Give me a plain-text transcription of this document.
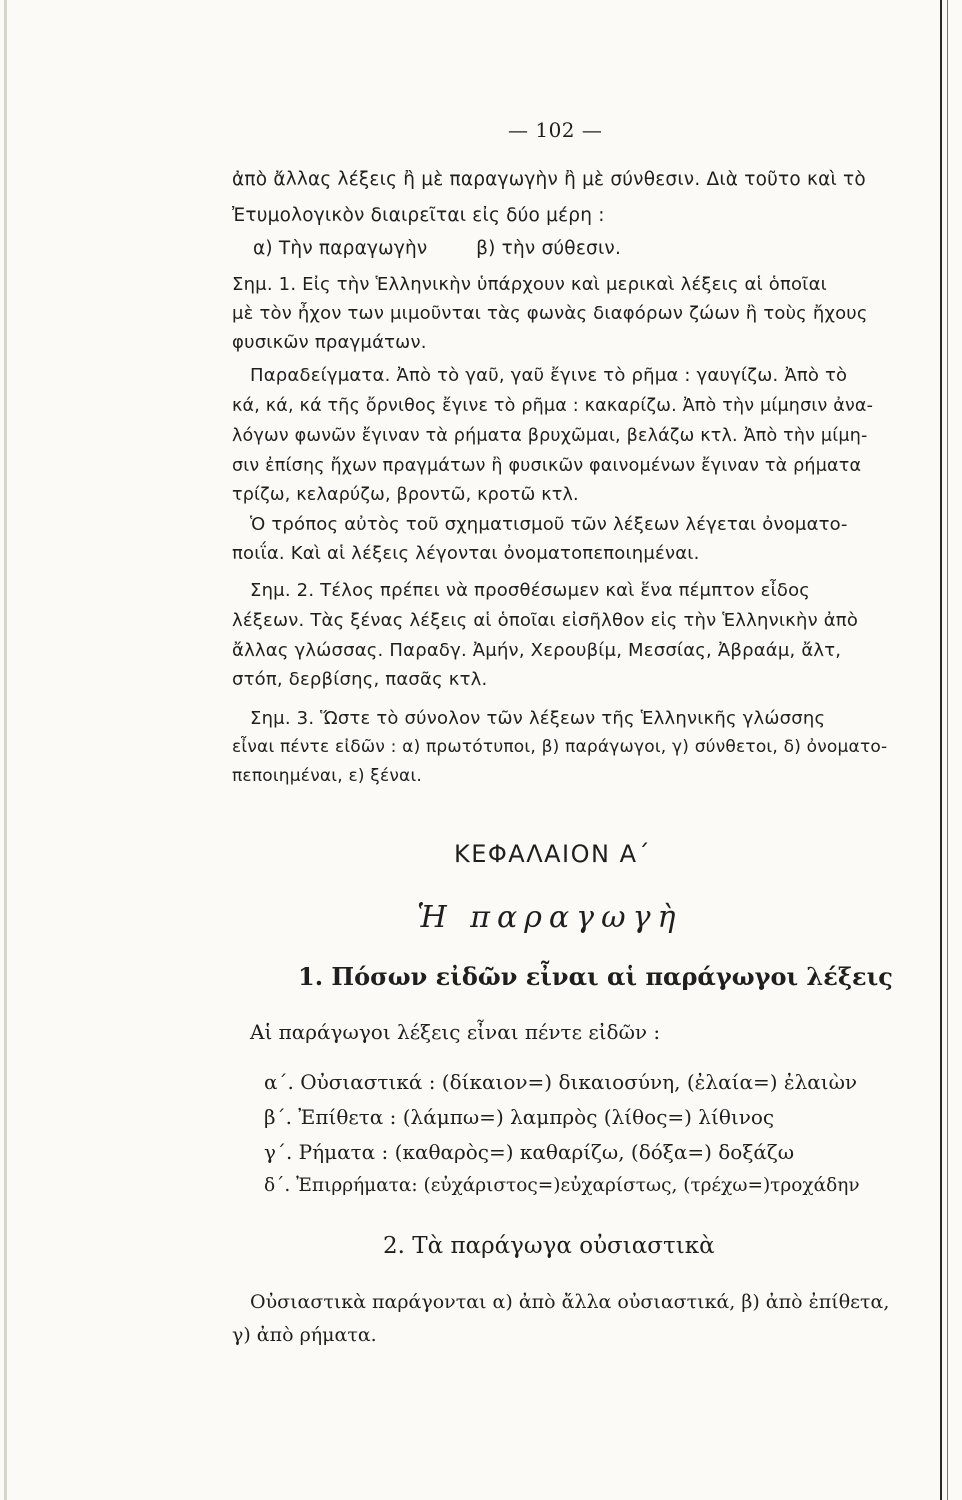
— 102 —
ἀπὸ ἄλλας λέξεις ἢ μὲ παραγωγὴν ἢ μὲ σύνθεσιν. Διὰ τοῦτο καὶ τὸ
Ἐτυμολογικὸν διαιρεῖται εἰς δύο μέρη :
α) Τὴν παραγωγὴν        β) τὴν σύθεσιν.
Σημ. 1. Εἰς τὴν Ἑλληνικὴν ὑπάρχουν καὶ μερικαὶ λέξεις αἱ ὁποῖαι
μὲ τὸν ἦχον των μιμοῦνται τὰς φωνὰς διαφόρων ζώων ἢ τοὺς ἤχους
φυσικῶν πραγμάτων.
Παραδείγματα. Ἀπὸ τὸ γαῦ, γαῦ ἔγινε τὸ ρῆμα : γαυγίζω. Ἀπὸ τὸ
κά, κά, κά τῆς ὄρνιθος ἔγινε τὸ ρῆμα : κακαρίζω. Ἀπὸ τὴν μίμησιν ἀνα-
λόγων φωνῶν ἔγιναν τὰ ρήματα βρυχῶμαι, βελάζω κτλ. Ἀπὸ τὴν μίμη-
σιν ἐπίσης ἤχων πραγμάτων ἢ φυσικῶν φαινομένων ἔγιναν τὰ ρήματα
τρίζω, κελαρύζω, βροντῶ, κροτῶ κτλ.
Ὁ τρόπος αὐτὸς τοῦ σχηματισμοῦ τῶν λέξεων λέγεται ὀνοματο-
ποιΐα. Καὶ αἱ λέξεις λέγονται ὀνοματοπεποιημέναι.
Σημ. 2. Τέλος πρέπει νὰ προσθέσωμεν καὶ ἕνα πέμπτον εἶδος
λέξεων. Τὰς ξένας λέξεις αἱ ὁποῖαι εἰσῆλθον εἰς τὴν Ἑλληνικὴν ἀπὸ
ἄλλας γλώσσας. Παραδγ. Ἀμήν, Χερουβίμ, Μεσσίας, Ἀβραάμ, ἄλτ,
στόπ, δερβίσης, πασᾶς κτλ.
Σημ. 3. Ὥστε τὸ σύνολον τῶν λέξεων τῆς Ἑλληνικῆς γλώσσης
εἶναι πέντε εἰδῶν : α) πρωτότυποι, β) παράγωγοι, γ) σύνθετοι, δ) ὀνοματο-
πεποιημέναι, ε) ξέναι.
ΚΕΦΑΛΑΙΟΝ Α΄
Ἡ παραγωγὴ
1. Πόσων εἰδῶν εἶναι αἱ παράγωγοι λέξεις
Αἱ παράγωγοι λέξεις εἶναι πέντε εἰδῶν :
α΄. Οὐσιαστικά : (δίκαιον=) δικαιοσύνη, (ἐλαία=) ἐλαιὼν
β΄. Ἐπίθετα : (λάμπω=) λαμπρὸς (λίθος=) λίθινος
γ΄. Ρήματα : (καθαρὸς=) καθαρίζω, (δόξα=) δοξάζω
δ΄. Ἐπιρρήματα: (εὐχάριστος=)εὐχαρίστως, (τρέχω=)τροχάδην
2. Τὰ παράγωγα οὐσιαστικὰ
Οὐσιαστικὰ παράγονται α) ἀπὸ ἄλλα οὐσιαστικά, β) ἀπὸ ἐπίθετα,
γ) ἀπὸ ρήματα.
